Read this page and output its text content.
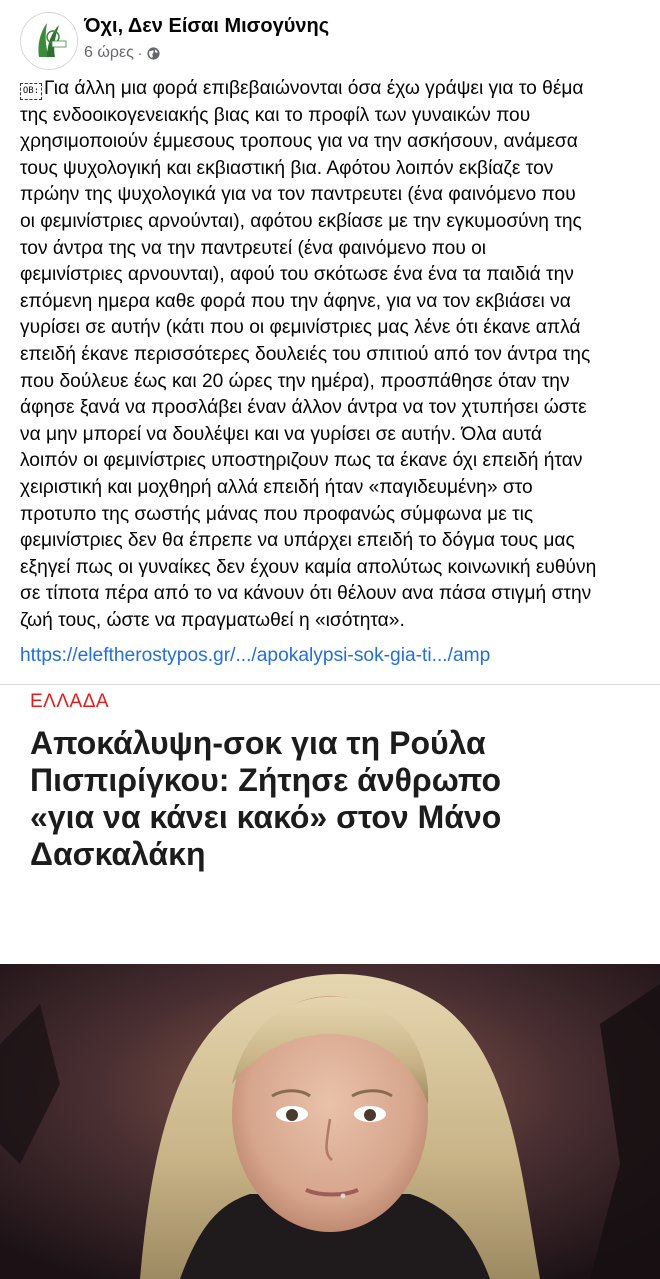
Όχι, Δεν Είσαι Μισογύνης
6 ώρες ·
OB: Για άλλη μια φορά επιβεβαιώνονται όσα έχω γράψει για το θέμα
της ενδοοικογενειακής βιας και το προφίλ των γυναικών που
χρησιμοποιούν έμμεσους τροπους για να την ασκήσουν, ανάμεσα
τους ψυχολογική και εκβιαστική βια. Αφότου λοιπόν εκβίαζε τον
πρώην της ψυχολογικά για να τον παντρευτει (ένα φαινόμενο που
οι φεμινίστριες αρνούνται), αφότου εκβίασε με την εγκυμοσύνη της
τον άντρα της να την παντρευτεί (ένα φαινόμενο που οι
φεμινίστριες αρνουνται), αφού του σκότωσε ένα ένα τα παιδιά την
επόμενη ημερα καθε φορά που την άφηνε, για να τον εκβιάσει να
γυρίσει σε αυτήν (κάτι που οι φεμινίστριες μας λένε ότι έκανε απλά
επειδή έκανε περισσότερες δουλειές του σπιτιού από τον άντρα της
που δούλευε έως και 20 ώρες την ημέρα), προσπάθησε όταν την
άφησε ξανά να προσλάβει έναν άλλον άντρα να τον χτυπήσει ώστε
να μην μπορεί να δουλέψει και να γυρίσει σε αυτήν. Όλα αυτά
λοιπόν οι φεμινίστριες υποστηριζουν πως τα έκανε όχι επειδή ήταν
χειριστική και μοχθηρή αλλά επειδή ήταν «παγιδευμένη» στο
προτυπο της σωστής μάνας που προφανώς σύμφωνα με τις
φεμινίστριες δεν θα έπρεπε να υπάρχει επειδή το δόγμα τους μας
εξηγεί πως οι γυναίκες δεν έχουν καμία απολύτως κοινωνική ευθύνη
σε τίποτα πέρα από το να κάνουν ότι θέλουν ανα πάσα στιγμή στην
ζωή τους, ώστε να πραγματωθεί η «ισότητα».
https://eleftherostypos.gr/.../apokalypsi-sok-gia-ti.../amp
ΕΛΛΑΔΑ
Αποκάλυψη-σοκ για τη Ρούλα
Πισπιρίγκου: Ζήτησε άνθρωπο
«για να κάνει κακό» στον Μάνο
Δασκαλάκη
